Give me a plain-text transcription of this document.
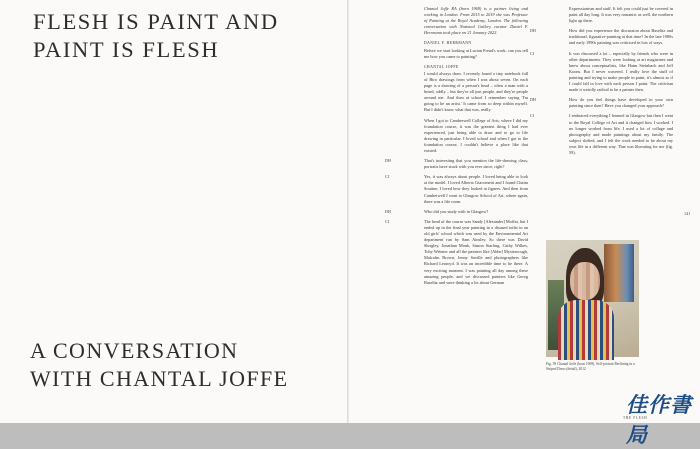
FLESH IS PAINT AND
PAINT IS FLESH
A CONVERSATION
WITH CHANTAL JOFFE

Chantal Joffe RA (born 1969) is a painter living and working in London. From 2015 to 2019 she was Professor of Painting at the Royal Academy, London. The following conversation with National Gallery curator Daniel F. Herrmann took place on 21 January 2022.

DANIEL F. HERRMANN

Before we start looking at Lucian Freud's work, can you tell me how you came to painting?

CHANTAL JOFFE

I would always draw. I recently found a tiny notebook full of Biro drawings from when I was about seven. On each page is a drawing of a person's head – often a man with a beard, oddly – but they're all just people, and they're people around me. And then at school I remember saying 'I'm going to be an artist.' It came from so deep within myself. But I didn't know what that was, really.

When I got to Camberwell College of Arts, where I did my foundation course, it was the greatest thing I had ever experienced, just being able to draw and to go to life drawing in particular. I loved school and when I got to the foundation course, I couldn't believe a place like that existed.

DH	That's interesting that you mention the life-drawing class; portraits have stuck with you ever since, right?

CJ	Yes, it was always about people. I loved being able to look at the model. I loved Alberto Giacometti and I found Chaim Soutine; I loved how they looked at figures. And then from Camberwell I went to Glasgow School of Art, where again, there was a life room.

DH	Who did you study with in Glasgow?

CJ	The head of the course was Sandy [Alexander] Moffat, but I ended up in the final year painting in a disused toilet in an old girls' school which was used by the Environmental Art department run by Sam Ainsley. So there was David Shrigley, Jonathan Monk, Simon Starling, Cathy Wilkes, Toby Webster and all the painters like [Abbe] Mysteroough, Malcolm Brown, Jenny Saville and photographers like Richard Learoyd. It was an incredible time to be there. A very exciting moment. I was painting all day among these amazing people, and we discussed painters like Georg Baselitz and were thinking a lot about German

Expressionism and stuff. It felt you could just be covered in paint all day long. It was very romantic as well, the northern light up there.

DH	How did you experience the discussion about Baselitz and traditional, figurative painting at that time? In the late 1980s and early 1990s painting was criticised in lots of ways.

CJ	It was discussed a lot – especially by friends who were in other departments. They were looking at art magazines and knew about conceptualists, like Haim Steinbach and Jeff Koons. But I never wavered. I really love the stuff of painting and trying to make people in paint, it's almost as if I could fall in love with each person I paint. The criticism made it weirdly radical to be a painter then.

DH	How do you feel things have developed in your own painting since then? Have you changed your approach?

CJ	I embraced everything I learned in Glasgow but then I went to the Royal College of Art and it changed how I worked. I no longer worked from life, I used a lot of collage and photography and made paintings about my family. The subject shifted, and I felt the work needed to be about my own life in a different way. That was liberating for me (fig. 59).

141
Fig. 59 Chantal Joffe (born 1969), Self-portrait Reclining in a Striped Dress (detail), 2012
佳作書局
THE FLESH
